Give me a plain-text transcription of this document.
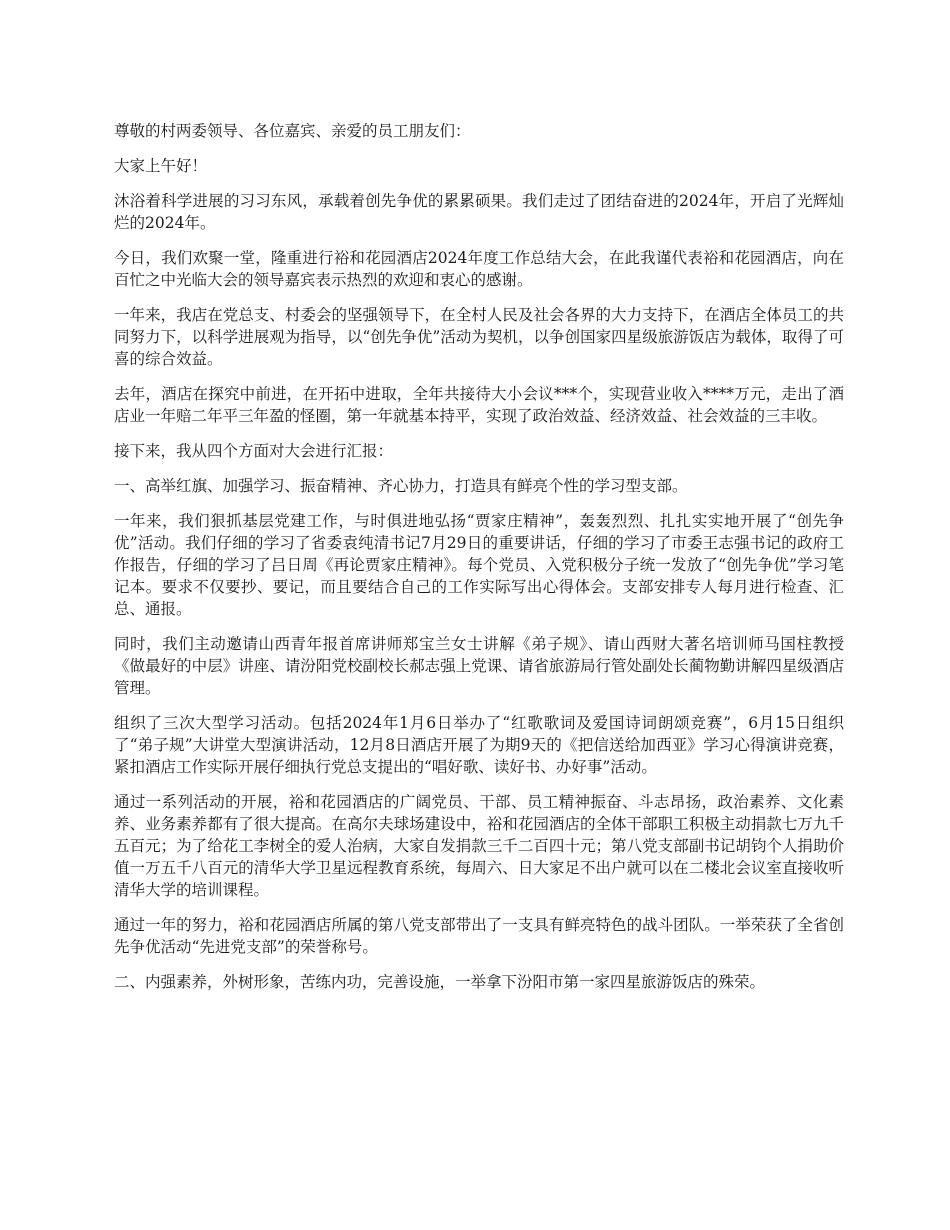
尊敬的村两委领导、各位嘉宾、亲爱的员工朋友们：

大家上午好！

沐浴着科学进展的习习东风，承载着创先争优的累累硕果。我们走过了团结奋进的2024年，开启了光辉灿烂的2024年。

今日，我们欢聚一堂，隆重进行裕和花园酒店2024年度工作总结大会，在此我谨代表裕和花园酒店，向在百忙之中光临大会的领导嘉宾表示热烈的欢迎和衷心的感谢。

一年来，我店在党总支、村委会的坚强领导下，在全村人民及社会各界的大力支持下，在酒店全体员工的共同努力下，以科学进展观为指导，以“创先争优”活动为契机，以争创国家四星级旅游饭店为载体，取得了可喜的综合效益。

去年，酒店在探究中前进，在开拓中进取，全年共接待大小会议***个，实现营业收入****万元，走出了酒店业一年赔二年平三年盈的怪圈，第一年就基本持平，实现了政治效益、经济效益、社会效益的三丰收。

接下来，我从四个方面对大会进行汇报：

一、高举红旗、加强学习、振奋精神、齐心协力，打造具有鲜亮个性的学习型支部。

一年来，我们狠抓基层党建工作，与时俱进地弘扬“贾家庄精神”，轰轰烈烈、扎扎实实地开展了“创先争优”活动。我们仔细的学习了省委袁纯清书记7月29日的重要讲话，仔细的学习了市委王志强书记的政府工作报告，仔细的学习了吕日周《再论贾家庄精神》。每个党员、入党积极分子统一发放了“创先争优”学习笔记本。要求不仅要抄、要记，而且要结合自己的工作实际写出心得体会。支部安排专人每月进行检查、汇总、通报。

同时，我们主动邀请山西青年报首席讲师郑宝兰女士讲解《弟子规》、请山西财大著名培训师马国柱教授《做最好的中层》讲座、请汾阳党校副校长郝志强上党课、请省旅游局行管处副处长蔺物勤讲解四星级酒店管理。

组织了三次大型学习活动。包括2024年1月6日举办了“红歌歌词及爱国诗词朗颂竞赛”，6月15日组织了“弟子规”大讲堂大型演讲活动，12月8日酒店开展了为期9天的《把信送给加西亚》学习心得演讲竞赛，紧扣酒店工作实际开展仔细执行党总支提出的“唱好歌、读好书、办好事”活动。

通过一系列活动的开展，裕和花园酒店的广阔党员、干部、员工精神振奋、斗志昂扬，政治素养、文化素养、业务素养都有了很大提高。在高尔夫球场建设中，裕和花园酒店的全体干部职工积极主动捐款七万九千五百元；为了给花工李树全的爱人治病，大家自发捐款三千二百四十元；第八党支部副书记胡钧个人捐助价值一万五千八百元的清华大学卫星远程教育系统，每周六、日大家足不出户就可以在二楼北会议室直接收听清华大学的培训课程。

通过一年的努力，裕和花园酒店所属的第八党支部带出了一支具有鲜亮特色的战斗团队。一举荣获了全省创先争优活动“先进党支部”的荣誉称号。

二、内强素养，外树形象，苦练内功，完善设施，一举拿下汾阳市第一家四星旅游饭店的殊荣。
